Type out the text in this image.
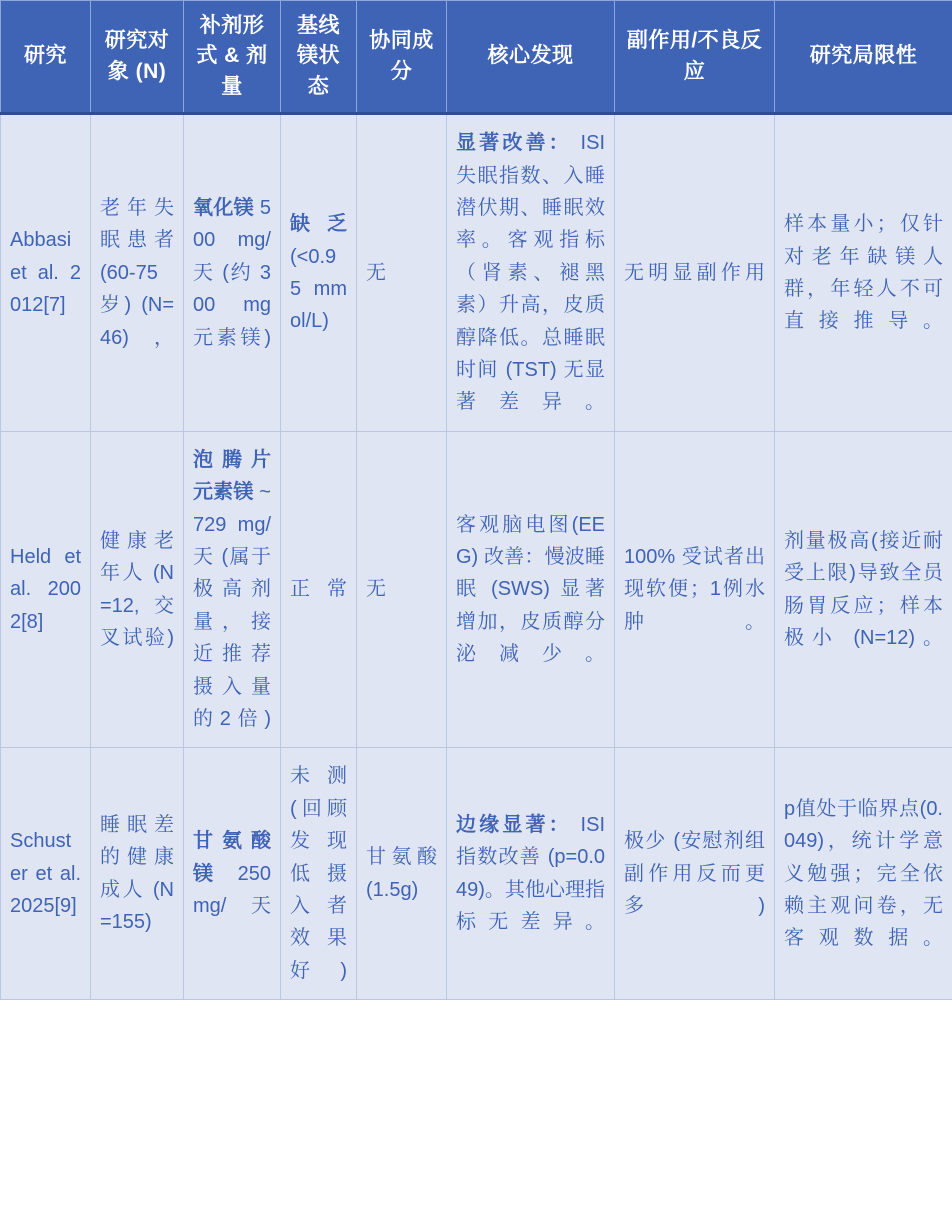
研究	研究对象 (N)	补剂形式 & 剂量	基线镁状态	协同成分	核心发现	副作用/不良反应	研究局限性
Abbasi et al. 2012[7]	老年失眠患者 (60-75岁) (N=46)，	氧化镁 500 mg/天 (约 300 mg 元素镁)	缺乏 (<0.95 mmol/L)	无	显著改善： ISI 失眠指数、入睡潜伏期、睡眠效率。客观指标（肾素、褪黑素）升高，皮质醇降低。总睡眠时间 (TST) 无显著差异。	无明显副作用	样本量小；仅针对老年缺镁人群，年轻人不可直接推导。
Held et al. 2002[8]	健康老年人 (N=12, 交叉试验)	泡腾片元素镁 ~729 mg/天 (属于极高剂量，接近推荐摄入量的2倍)	正常	无	客观脑电图(EEG) 改善：慢波睡眠 (SWS) 显著增加，皮质醇分泌减少。	100% 受试者出现软便；1例水肿。	剂量极高(接近耐受上限)导致全员肠胃反应；样本极小 (N=12)。
Schuster et al. 2025[9]	睡眠差的健康成人 (N=155)	甘氨酸镁 250 mg/天	未测 (回顾发现低摄入者效果好)	甘氨酸 (1.5g)	边缘显著： ISI 指数改善 (p=0.049)。其他心理指标无差异。	极少 (安慰剂组副作用反而更多)	p值处于临界点(0.049)，统计学意义勉强；完全依赖主观问卷，无客观数据。
